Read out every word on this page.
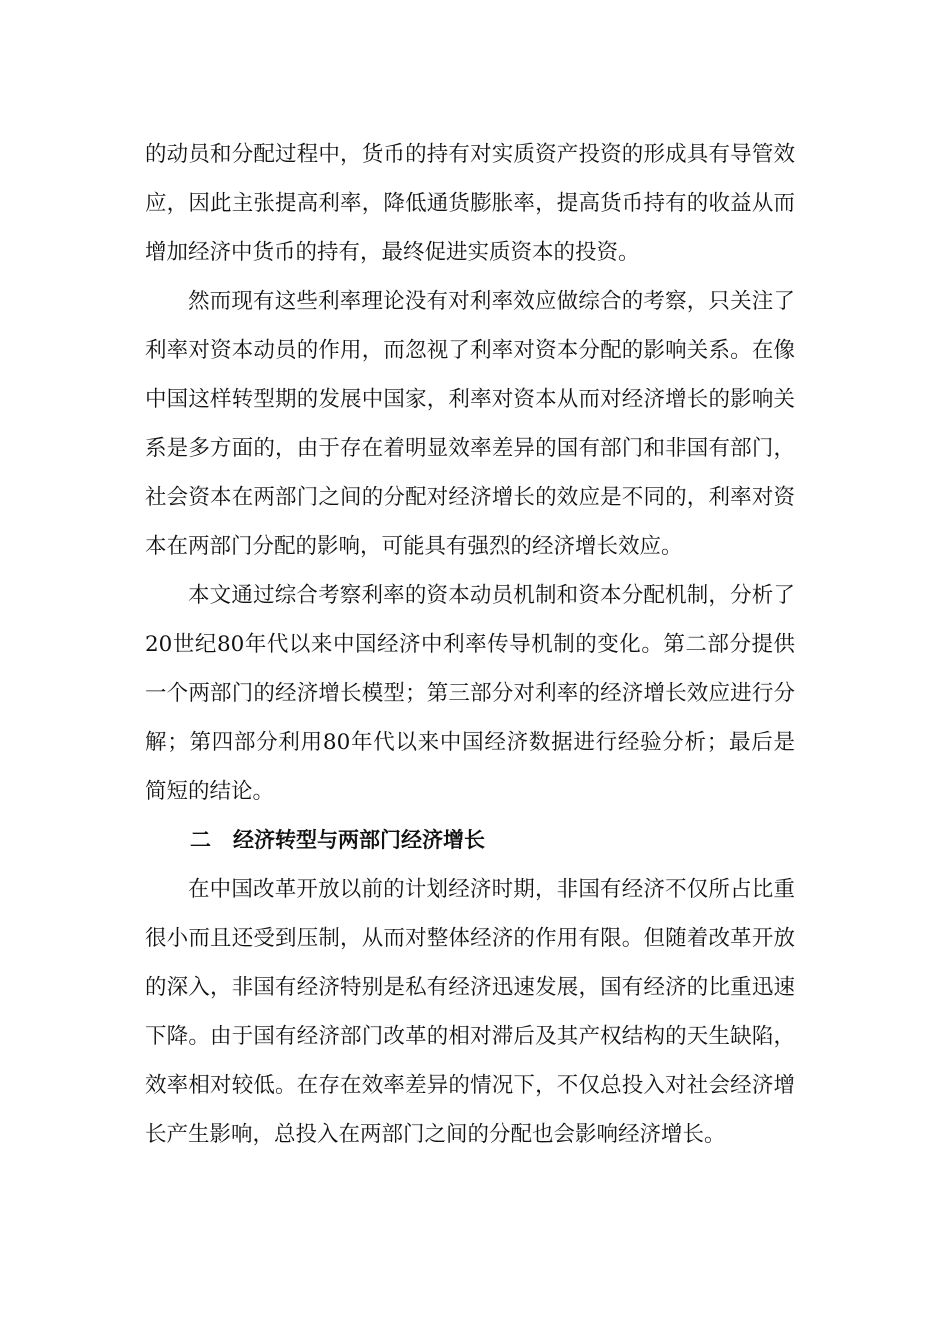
的动员和分配过程中，货币的持有对实质资产投资的形成具有导管效应，因此主张提高利率，降低通货膨胀率，提高货币持有的收益从而增加经济中货币的持有，最终促进实质资本的投资。

然而现有这些利率理论没有对利率效应做综合的考察，只关注了利率对资本动员的作用，而忽视了利率对资本分配的影响关系。在像中国这样转型期的发展中国家，利率对资本从而对经济增长的影响关系是多方面的，由于存在着明显效率差异的国有部门和非国有部门，社会资本在两部门之间的分配对经济增长的效应是不同的，利率对资本在两部门分配的影响，可能具有强烈的经济增长效应。

本文通过综合考察利率的资本动员机制和资本分配机制，分析了20世纪80年代以来中国经济中利率传导机制的变化。第二部分提供一个两部门的经济增长模型；第三部分对利率的经济增长效应进行分解；第四部分利用80年代以来中国经济数据进行经验分析；最后是简短的结论。

二 经济转型与两部门经济增长

在中国改革开放以前的计划经济时期，非国有经济不仅所占比重很小而且还受到压制，从而对整体经济的作用有限。但随着改革开放的深入，非国有经济特别是私有经济迅速发展，国有经济的比重迅速下降。由于国有经济部门改革的相对滞后及其产权结构的天生缺陷，效率相对较低。在存在效率差异的情况下，不仅总投入对社会经济增长产生影响，总投入在两部门之间的分配也会影响经济增长。
